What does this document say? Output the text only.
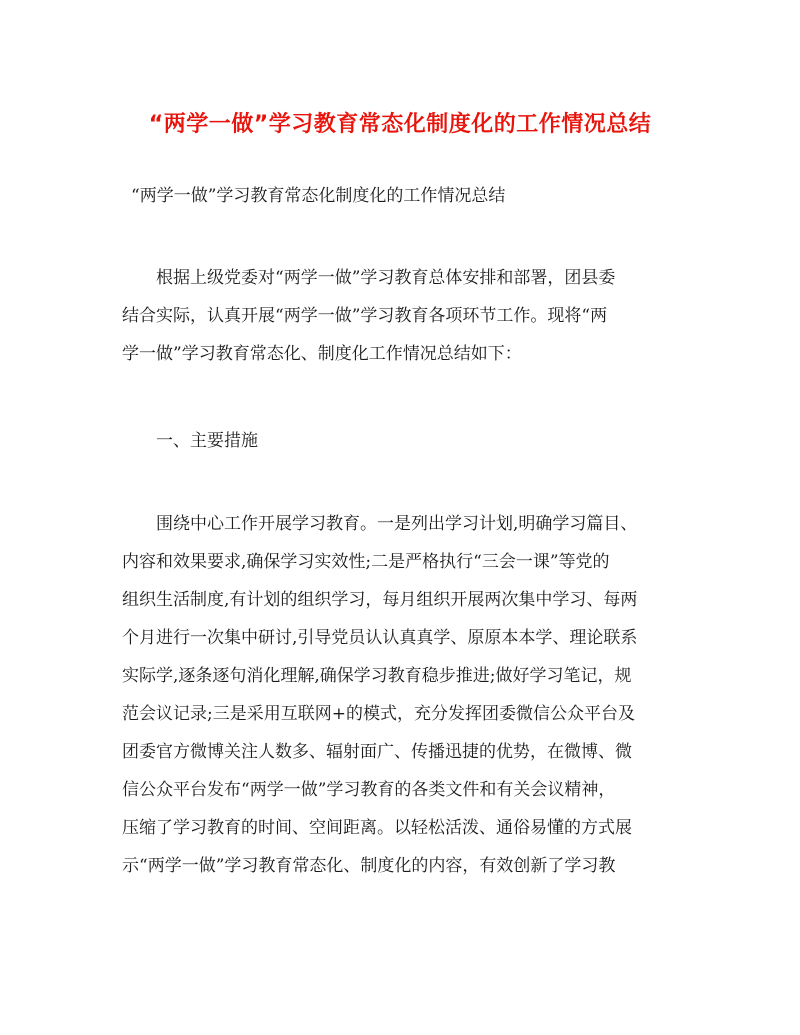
“两学一做”学习教育常态化制度化的工作情况总结
“两学一做”学习教育常态化制度化的工作情况总结
根据上级党委对“两学一做”学习教育总体安排和部署，团县委
结合实际，认真开展“两学一做”学习教育各项环节工作。现将“两
学一做”学习教育常态化、制度化工作情况总结如下：
一、主要措施
围绕中心工作开展学习教育。一是列出学习计划,明确学习篇目、
内容和效果要求,确保学习实效性;二是严格执行“三会一课”等党的
组织生活制度,有计划的组织学习，每月组织开展两次集中学习、每两
个月进行一次集中研讨,引导党员认认真真学、原原本本学、理论联系
实际学,逐条逐句消化理解,确保学习教育稳步推进;做好学习笔记，规
范会议记录;三是采用互联网+的模式，充分发挥团委微信公众平台及
团委官方微博关注人数多、辐射面广、传播迅捷的优势，在微博、微
信公众平台发布“两学一做”学习教育的各类文件和有关会议精神，
压缩了学习教育的时间、空间距离。以轻松活泼、通俗易懂的方式展
示“两学一做”学习教育常态化、制度化的内容，有效创新了学习教
